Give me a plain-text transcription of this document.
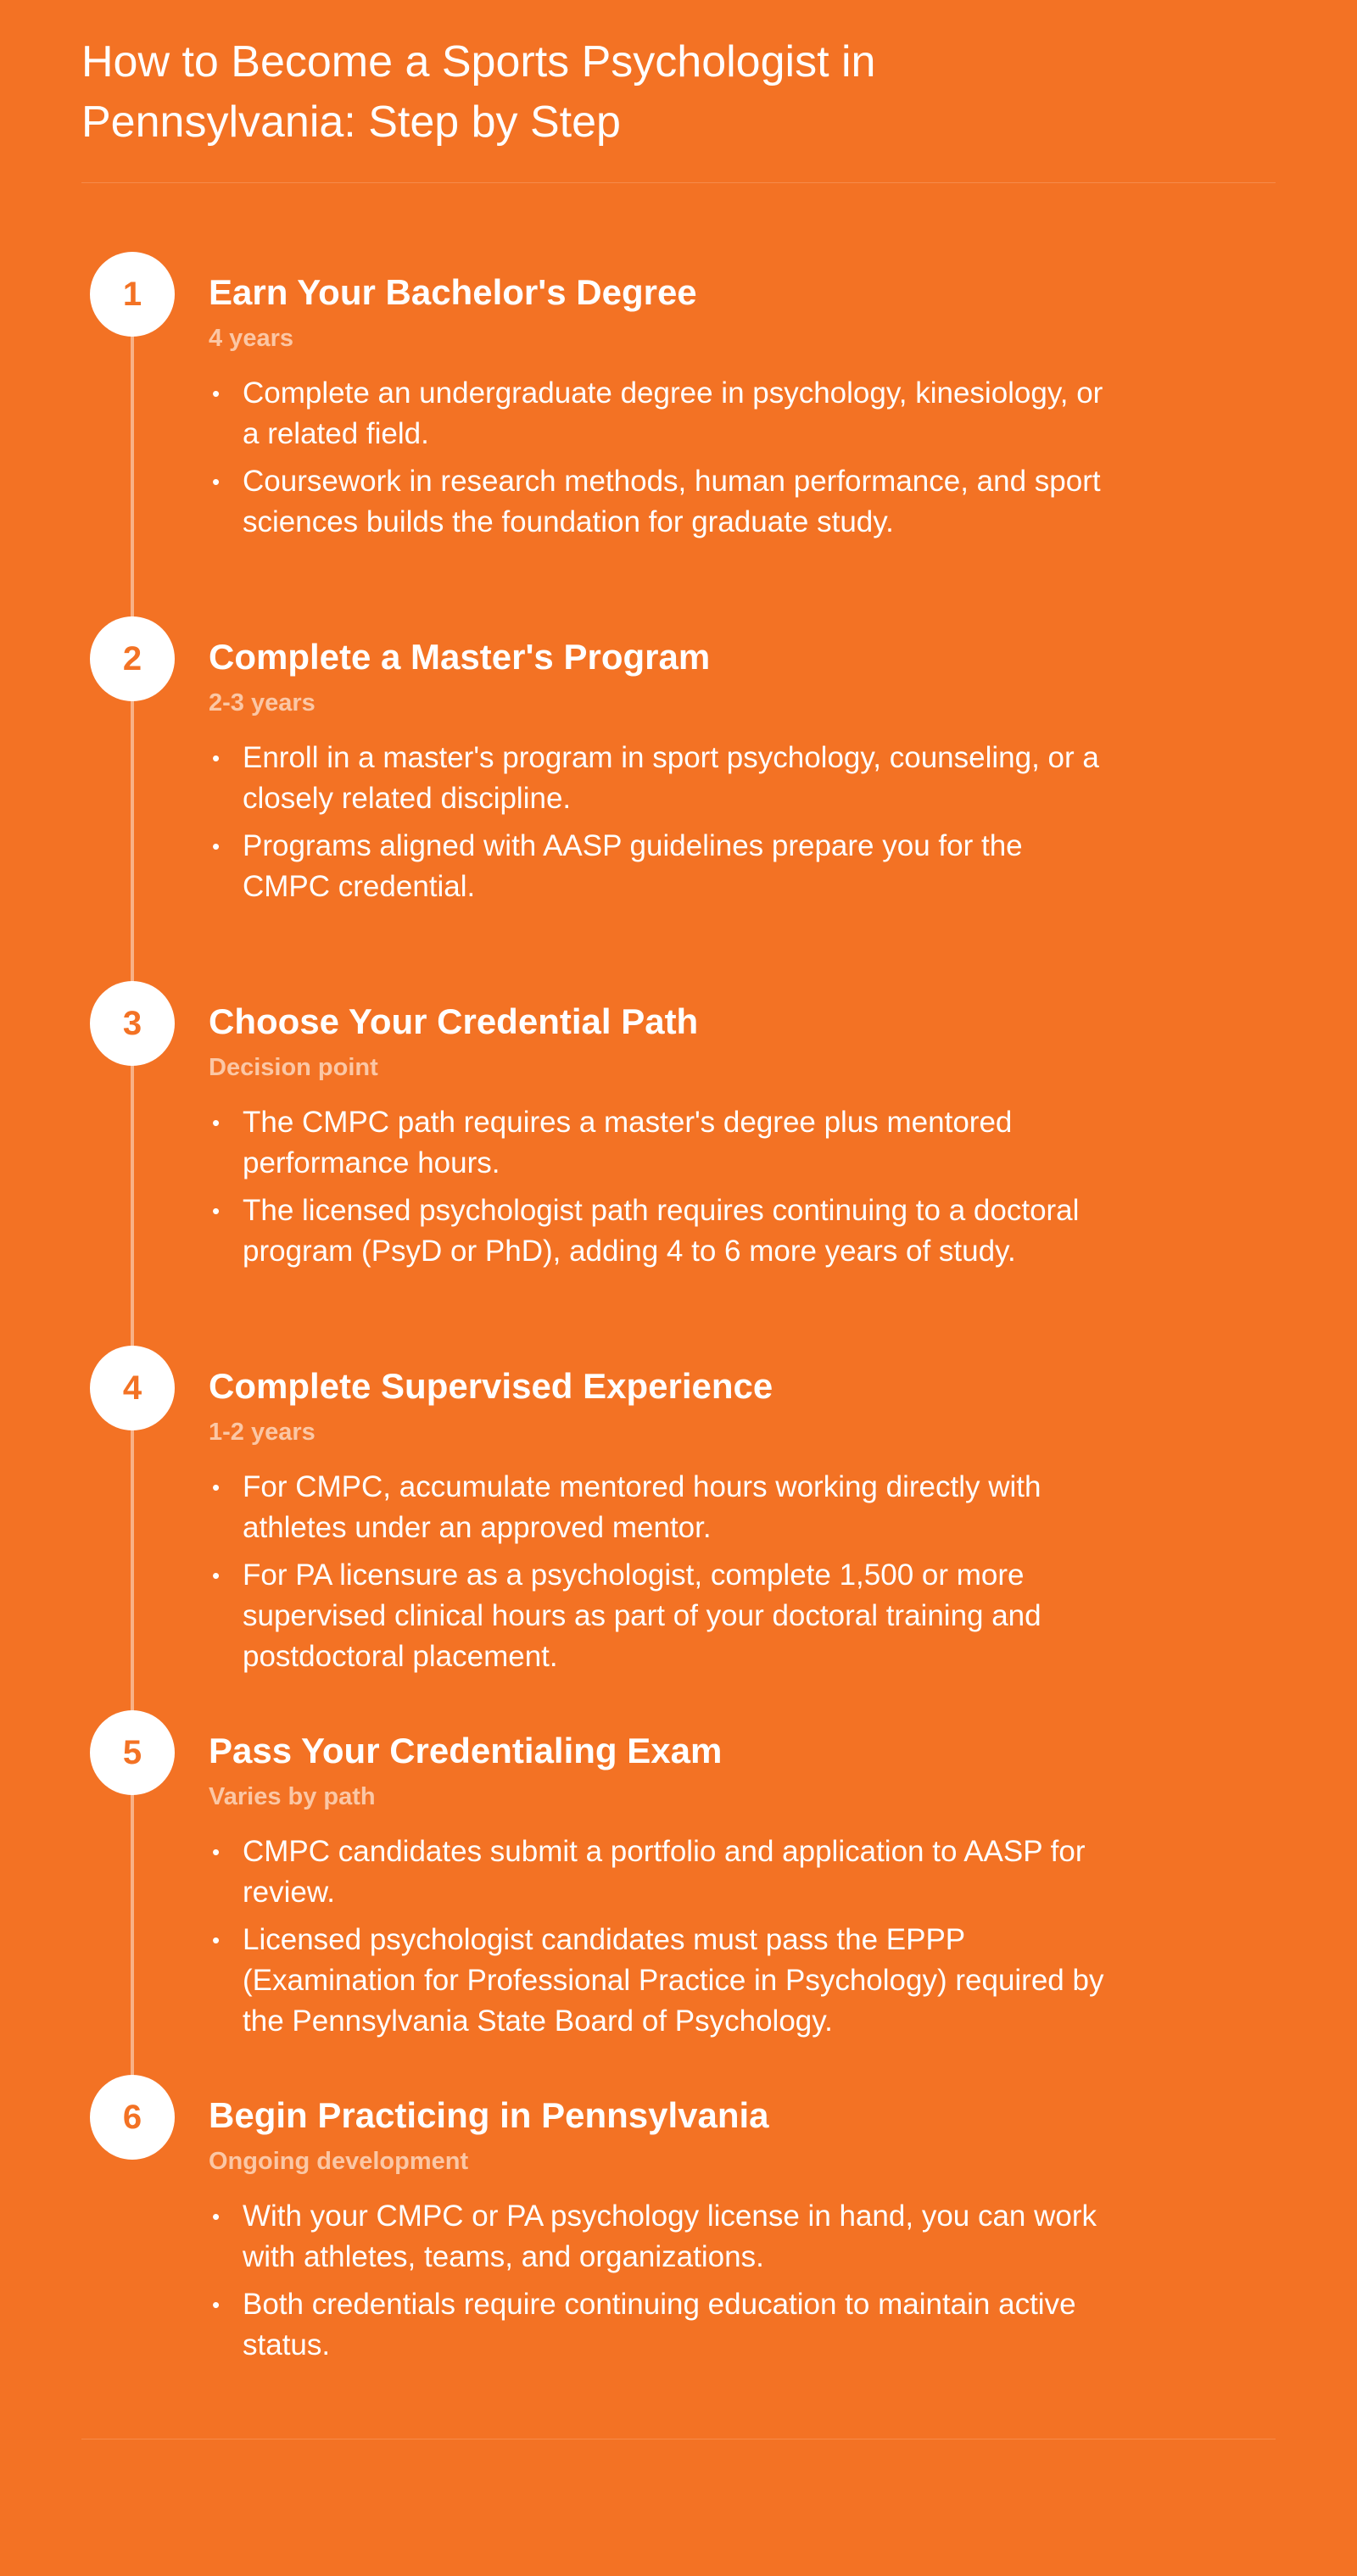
How to Become a Sports Psychologist in Pennsylvania: Step by Step
1	Earn Your Bachelor's Degree
4 years
• Complete an undergraduate degree in psychology, kinesiology, or a related field.
• Coursework in research methods, human performance, and sport sciences builds the foundation for graduate study.
2	Complete a Master's Program
2-3 years
• Enroll in a master's program in sport psychology, counseling, or a closely related discipline.
• Programs aligned with AASP guidelines prepare you for the CMPC credential.
3	Choose Your Credential Path
Decision point
• The CMPC path requires a master's degree plus mentored performance hours.
• The licensed psychologist path requires continuing to a doctoral program (PsyD or PhD), adding 4 to 6 more years of study.
4	Complete Supervised Experience
1-2 years
• For CMPC, accumulate mentored hours working directly with athletes under an approved mentor.
• For PA licensure as a psychologist, complete 1,500 or more supervised clinical hours as part of your doctoral training and postdoctoral placement.
5	Pass Your Credentialing Exam
Varies by path
• CMPC candidates submit a portfolio and application to AASP for review.
• Licensed psychologist candidates must pass the EPPP (Examination for Professional Practice in Psychology) required by the Pennsylvania State Board of Psychology.
6	Begin Practicing in Pennsylvania
Ongoing development
• With your CMPC or PA psychology license in hand, you can work with athletes, teams, and organizations.
• Both credentials require continuing education to maintain active status.
